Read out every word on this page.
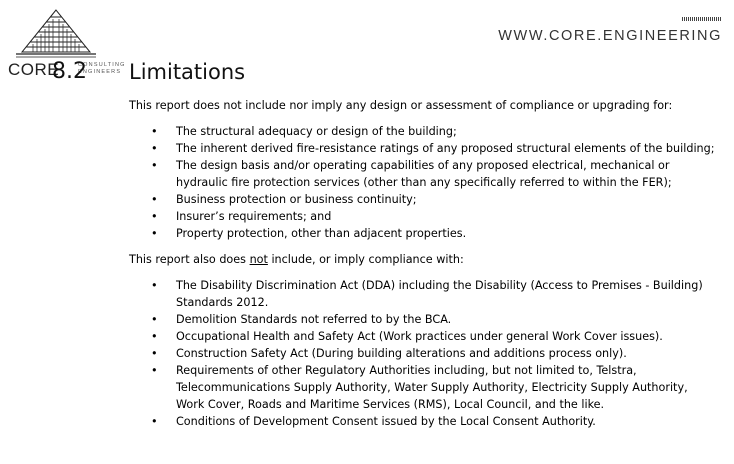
WWW.CORE.ENGINEERING

CORE	CONSULTING
ENGINEERS
8.2 Limitations

This report does not include nor imply any design or assessment of compliance or upgrading for:

• The structural adequacy or design of the building;
• The inherent derived fire-resistance ratings of any proposed structural elements of the building;
• The design basis and/or operating capabilities of any proposed electrical, mechanical or hydraulic fire protection services (other than any specifically referred to within the FER);
• Business protection or business continuity;
• Insurer’s requirements; and
• Property protection, other than adjacent properties.

This report also does not include, or imply compliance with:

• The Disability Discrimination Act (DDA) including the Disability (Access to Premises - Building) Standards 2012.
• Demolition Standards not referred to by the BCA.
• Occupational Health and Safety Act (Work practices under general Work Cover issues).
• Construction Safety Act (During building alterations and additions process only).
• Requirements of other Regulatory Authorities including, but not limited to, Telstra, Telecommunications Supply Authority, Water Supply Authority, Electricity Supply Authority, Work Cover, Roads and Maritime Services (RMS), Local Council, and the like.
• Conditions of Development Consent issued by the Local Consent Authority.
